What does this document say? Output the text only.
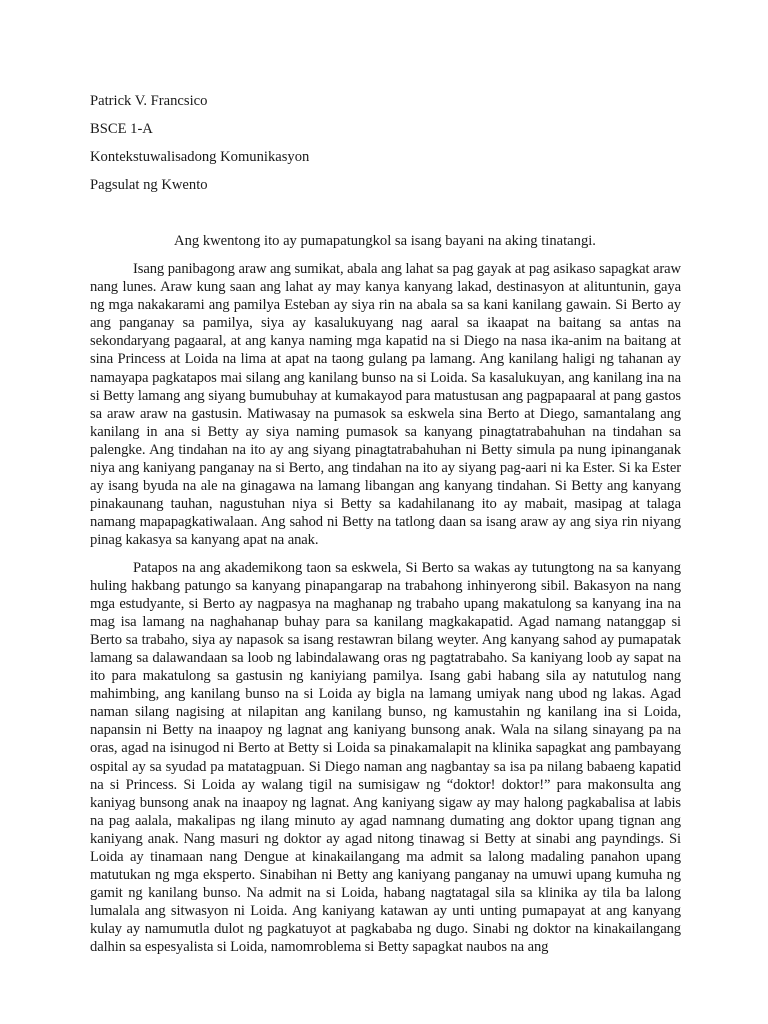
Patrick V. Francsico
BSCE 1-A
Kontekstuwalisadong Komunikasyon
Pagsulat ng Kwento
Ang kwentong ito ay pumapatungkol sa isang bayani na aking tinatangi.

Isang panibagong araw ang sumikat, abala ang lahat sa pag gayak at pag asikaso sapagkat araw nang lunes. Araw kung saan ang lahat ay may kanya kanyang lakad, destinasyon at alituntunin, gaya ng mga nakakarami ang pamilya Esteban ay siya rin na abala sa sa kani kanilang gawain. Si Berto ay ang panganay sa pamilya, siya ay kasalukuyang nag aaral sa ikaapat na baitang sa antas na sekondaryang pagaaral, at ang kanya naming mga kapatid na si Diego na nasa ika-anim na baitang at sina Princess at Loida na lima at apat na taong gulang pa lamang. Ang kanilang haligi ng tahanan ay namayapa pagkatapos mai silang ang kanilang bunso na si Loida. Sa kasalukuyan, ang kanilang ina na si Betty lamang ang siyang bumubuhay at kumakayod para matustusan ang pagpapaaral at pang gastos sa araw araw na gastusin. Matiwasay na pumasok sa eskwela sina Berto at Diego, samantalang ang kanilang in ana si Betty ay siya naming pumasok sa kanyang pinagtatrabahuhan na tindahan sa palengke. Ang tindahan na ito ay ang siyang pinagtatrabahuhan ni Betty simula pa nung ipinanganak niya ang kaniyang panganay na si Berto, ang tindahan na ito ay siyang pag-aari ni ka Ester. Si ka Ester ay isang byuda na ale na ginagawa na lamang libangan ang kanyang tindahan. Si Betty ang kanyang pinakaunang tauhan, nagustuhan niya si Betty sa kadahilanang ito ay mabait, masipag at talaga namang mapapagkatiwalaan. Ang sahod ni Betty na tatlong daan sa isang araw ay ang siya rin niyang pinag kakasya sa kanyang apat na anak.

Patapos na ang akademikong taon sa eskwela, Si Berto sa wakas ay tutungtong na sa kanyang huling hakbang patungo sa kanyang pinapangarap na trabahong inhinyerong sibil. Bakasyon na nang mga estudyante, si Berto ay nagpasya na maghanap ng trabaho upang makatulong sa kanyang ina na mag isa lamang na naghahanap buhay para sa kanilang magkakapatid. Agad namang natanggap si Berto sa trabaho, siya ay napasok sa isang restawran bilang weyter. Ang kanyang sahod ay pumapatak lamang sa dalawandaan sa loob ng labindalawang oras ng pagtatrabaho. Sa kaniyang loob ay sapat na ito para makatulong sa gastusin ng kaniyiang pamilya. Isang gabi habang sila ay natutulog nang mahimbing, ang kanilang bunso na si Loida ay bigla na lamang umiyak nang ubod ng lakas. Agad naman silang nagising at nilapitan ang kanilang bunso, ng kamustahin ng kanilang ina si Loida, napansin ni Betty na inaapoy ng lagnat ang kaniyang bunsong anak. Wala na silang sinayang pa na oras, agad na isinugod ni Berto at Betty si Loida sa pinakamalapit na klinika sapagkat ang pambayang ospital ay sa syudad pa matatagpuan. Si Diego naman ang nagbantay sa isa pa nilang babaeng kapatid na si Princess. Si Loida ay walang tigil na sumisigaw ng “doktor! doktor!” para makonsulta ang kaniyag bunsong anak na inaapoy ng lagnat. Ang kaniyang sigaw ay may halong pagkabalisa at labis na pag aalala, makalipas ng ilang minuto ay agad namnang dumating ang doktor upang tignan ang kaniyang anak. Nang masuri ng doktor ay agad nitong tinawag si Betty at sinabi ang payndings. Si Loida ay tinamaan nang Dengue at kinakailangang ma admit sa lalong madaling panahon upang matutukan ng mga eksperto. Sinabihan ni Betty ang kaniyang panganay na umuwi upang kumuha ng gamit ng kanilang bunso. Na admit na si Loida, habang nagtatagal sila sa klinika ay tila ba lalong lumalala ang sitwasyon ni Loida. Ang kaniyang katawan ay unti unting pumapayat at ang kanyang kulay ay namumutla dulot ng pagkatuyot at pagkababa ng dugo. Sinabi ng doktor na kinakailangang dalhin sa espesyalista si Loida, namomroblema si Betty sapagkat naubos na ang
